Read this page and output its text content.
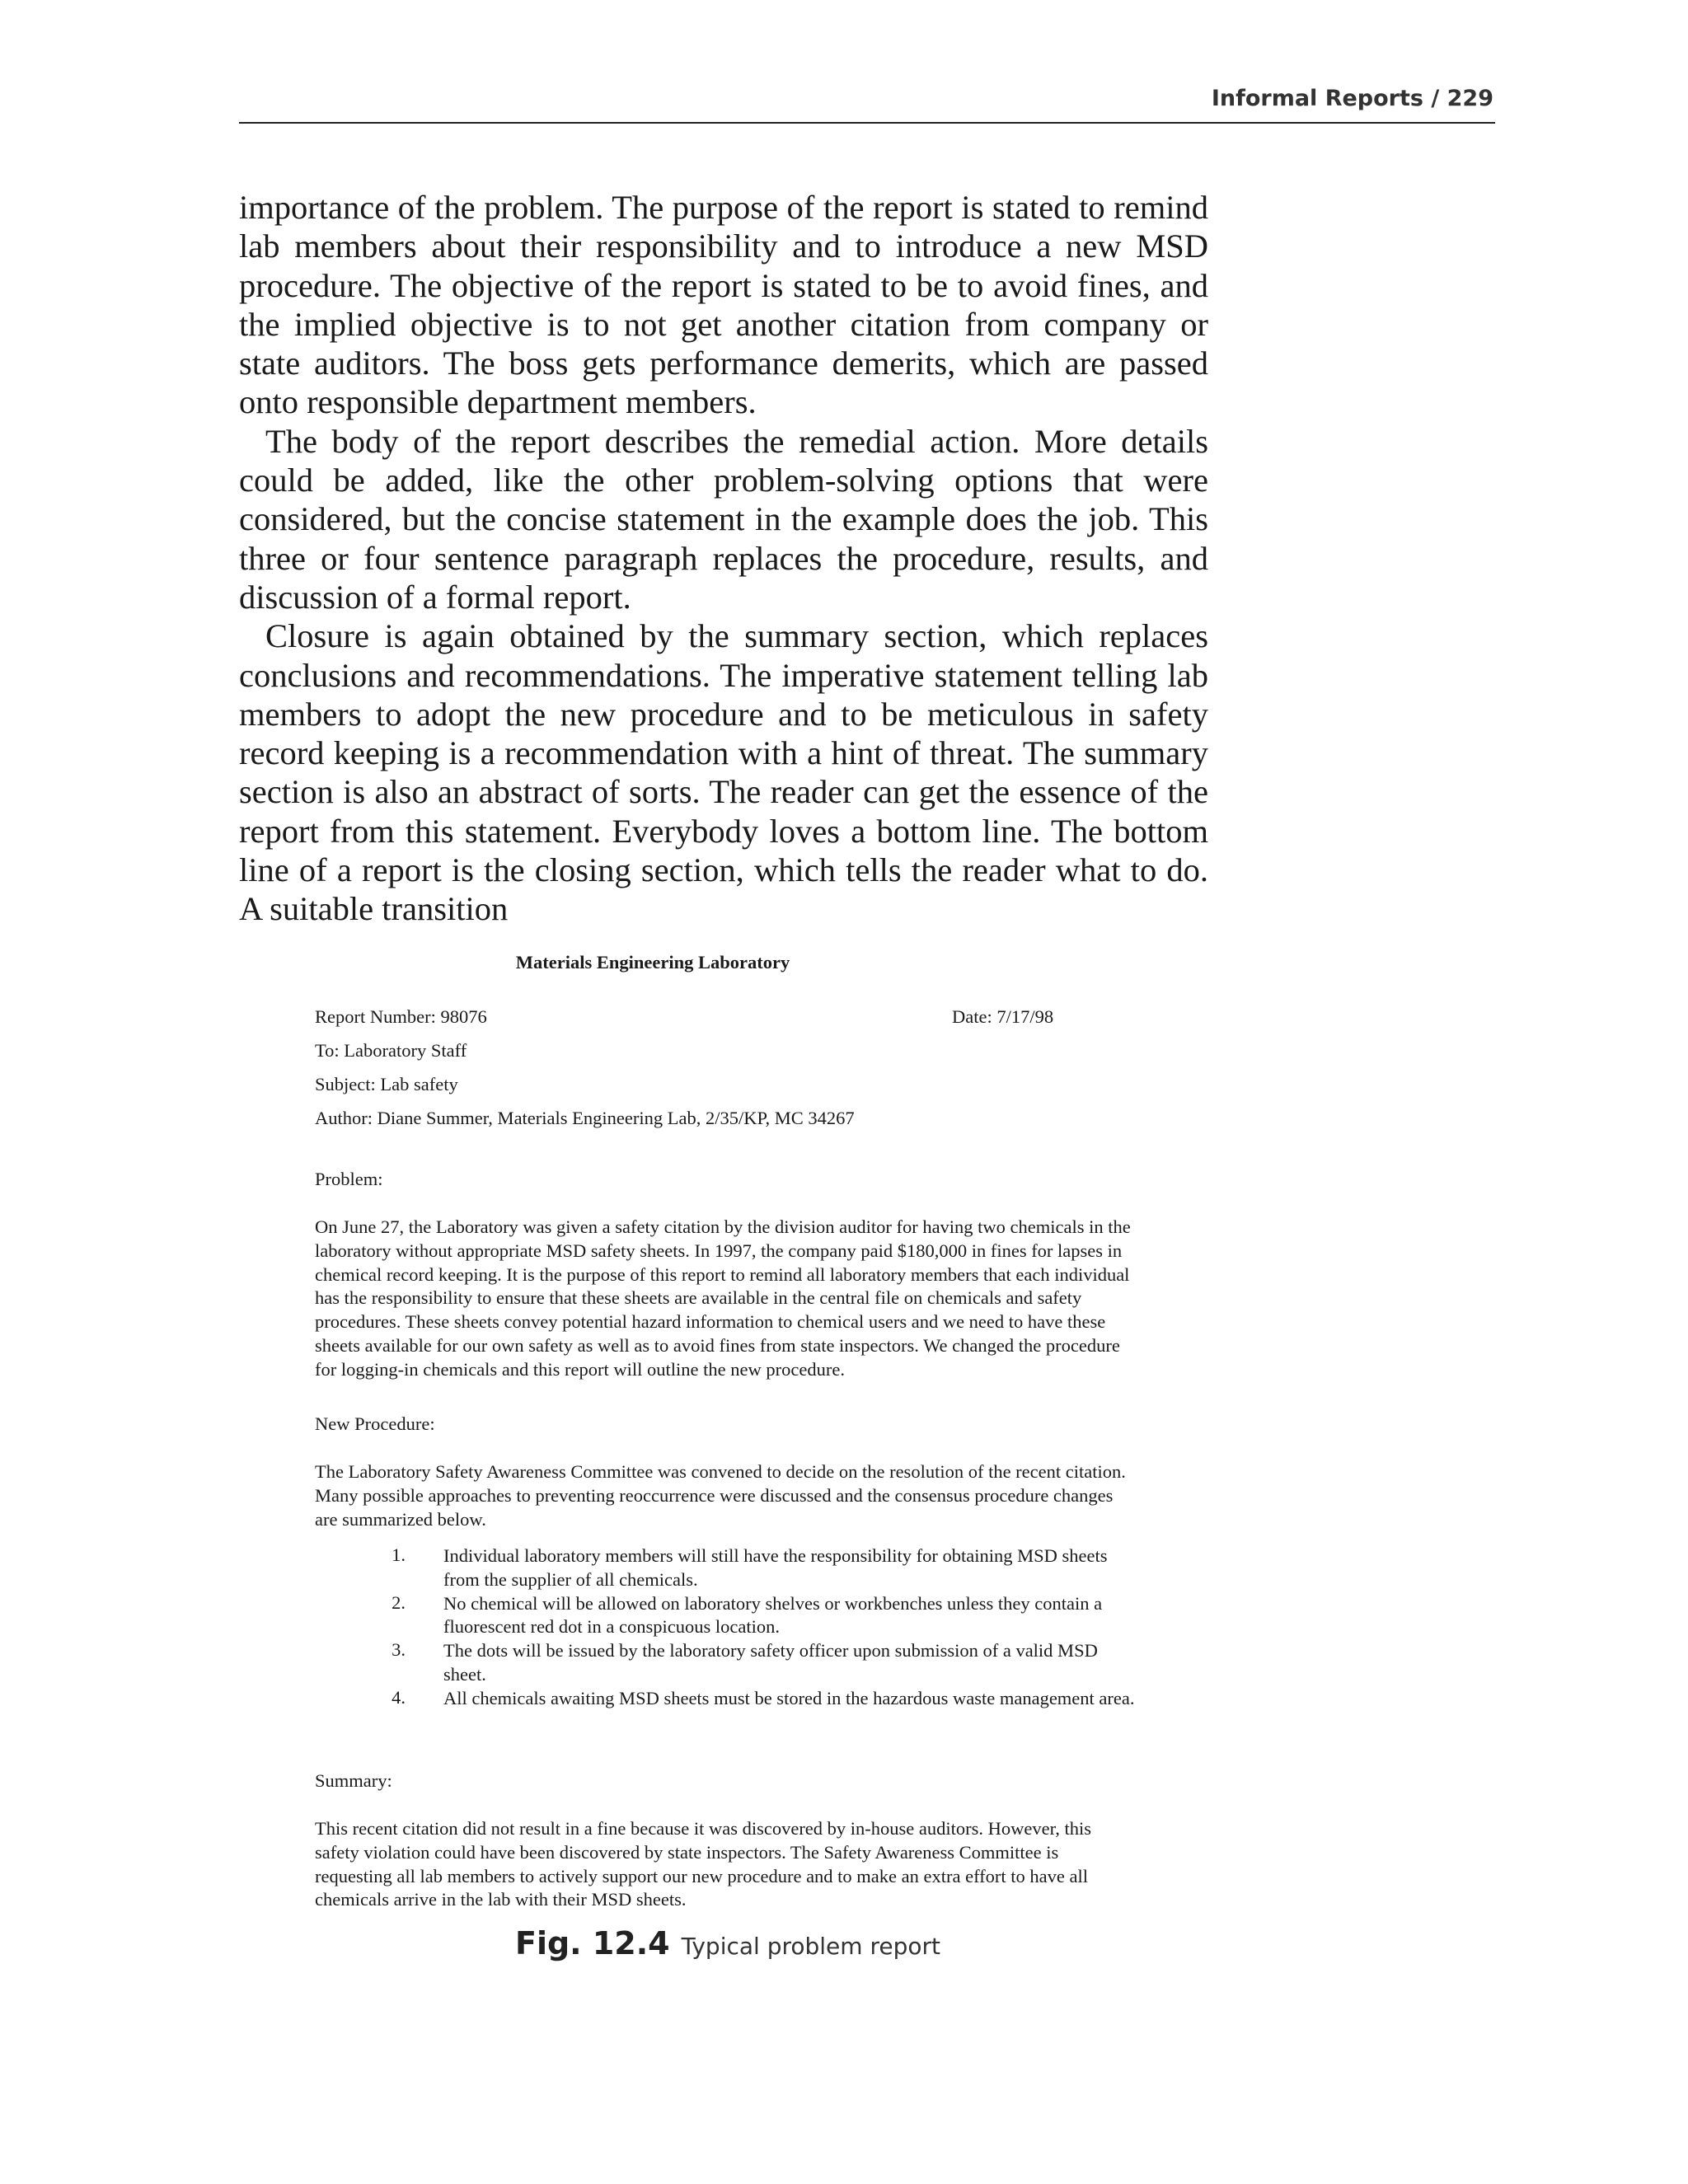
Informal Reports / 229

importance of the problem. The purpose of the report is stated to remind lab members about their responsibility and to introduce a new MSD procedure. The objective of the report is stated to be to avoid fines, and the implied objective is to not get another citation from company or state auditors. The boss gets performance demerits, which are passed onto responsible department members.

The body of the report describes the remedial action. More details could be added, like the other problem-solving options that were considered, but the concise statement in the example does the job. This three or four sentence paragraph replaces the procedure, results, and discussion of a formal report.

Closure is again obtained by the summary section, which replaces conclusions and recommendations. The imperative statement telling lab members to adopt the new procedure and to be meticulous in safety record keeping is a recommendation with a hint of threat. The summary section is also an abstract of sorts. The reader can get the essence of the report from this statement. Everybody loves a bottom line. The bottom line of a report is the closing section, which tells the reader what to do. A suitable transition

Materials Engineering Laboratory
Report Number: 98076	Date: 7/17/98
To: Laboratory Staff
Subject: Lab safety
Author: Diane Summer, Materials Engineering Lab, 2/35/KP, MC 34267
Problem:

On June 27, the Laboratory was given a safety citation by the division auditor for having two chemicals in the laboratory without appropriate MSD safety sheets. In 1997, the company paid $180,000 in fines for lapses in chemical record keeping. It is the purpose of this report to remind all laboratory members that each individual has the responsibility to ensure that these sheets are available in the central file on chemicals and safety procedures. These sheets convey potential hazard information to chemical users and we need to have these sheets available for our own safety as well as to avoid fines from state inspectors. We changed the procedure for logging-in chemicals and this report will outline the new procedure.

New Procedure:

The Laboratory Safety Awareness Committee was convened to decide on the resolution of the recent citation. Many possible approaches to preventing reoccurrence were discussed and the consensus procedure changes are summarized below.

1. Individual laboratory members will still have the responsibility for obtaining MSD sheets from the supplier of all chemicals.
2. No chemical will be allowed on laboratory shelves or workbenches unless they contain a fluorescent red dot in a conspicuous location.
3. The dots will be issued by the laboratory safety officer upon submission of a valid MSD sheet.
4. All chemicals awaiting MSD sheets must be stored in the hazardous waste management area.
Summary:

This recent citation did not result in a fine because it was discovered by in-house auditors. However, this safety violation could have been discovered by state inspectors. The Safety Awareness Committee is requesting all lab members to actively support our new procedure and to make an extra effort to have all chemicals arrive in the lab with their MSD sheets.

Fig. 12.4 Typical problem report
